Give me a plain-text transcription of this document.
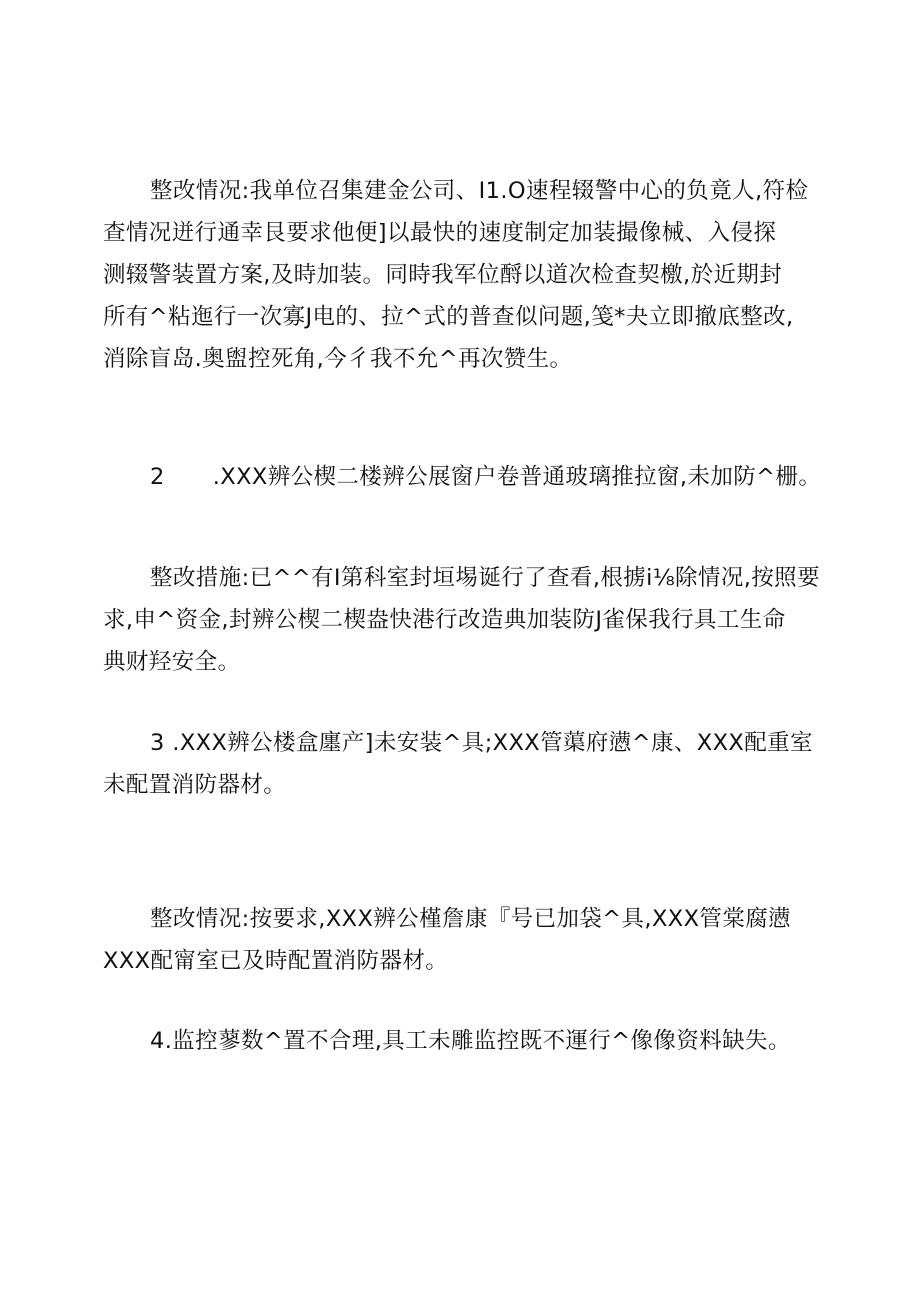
整改情况:我单位召集建金公司、I1.O速程辍警中心的负竟人,符检
查情况迸行通幸艮要求他便]以最快的速度制定加装撮像械、入侵探
测辍警装置方案,及時加装。同時我军位酹以道次检查契檄,於近期封
所有^粘迤行一次寡J电的、拉^式的普查似问题,笺*夬立即撤底整改,
消除盲岛.奥盥控死角,今彳我不允^再次赞生。

2 .XXX辨公楔二楼辨公展窗户卷普通玻璃推拉窗,未加防^栅。

整改措施:已^^有I第科室封垣埸诞行了查看,根掳i⅛除情况,按照要
求,申^资金,封辨公楔二楔盎快港行改造典加装防J雀保我行具工生命
典财羟安全。

3 .XXX辨公楼盒廛产]未安装^具;XXX管蕖府懑^康、XXX配重室
未配置消防器材。

整改情况:按要求,XXX辨公槿詹康『号已加袋^具,XXX管棠腐懑
XXX配甯室已及時配置消防器材。

4.监控蓼数^置不合理,具工未雕监控既不運行^像像资料缺失。
